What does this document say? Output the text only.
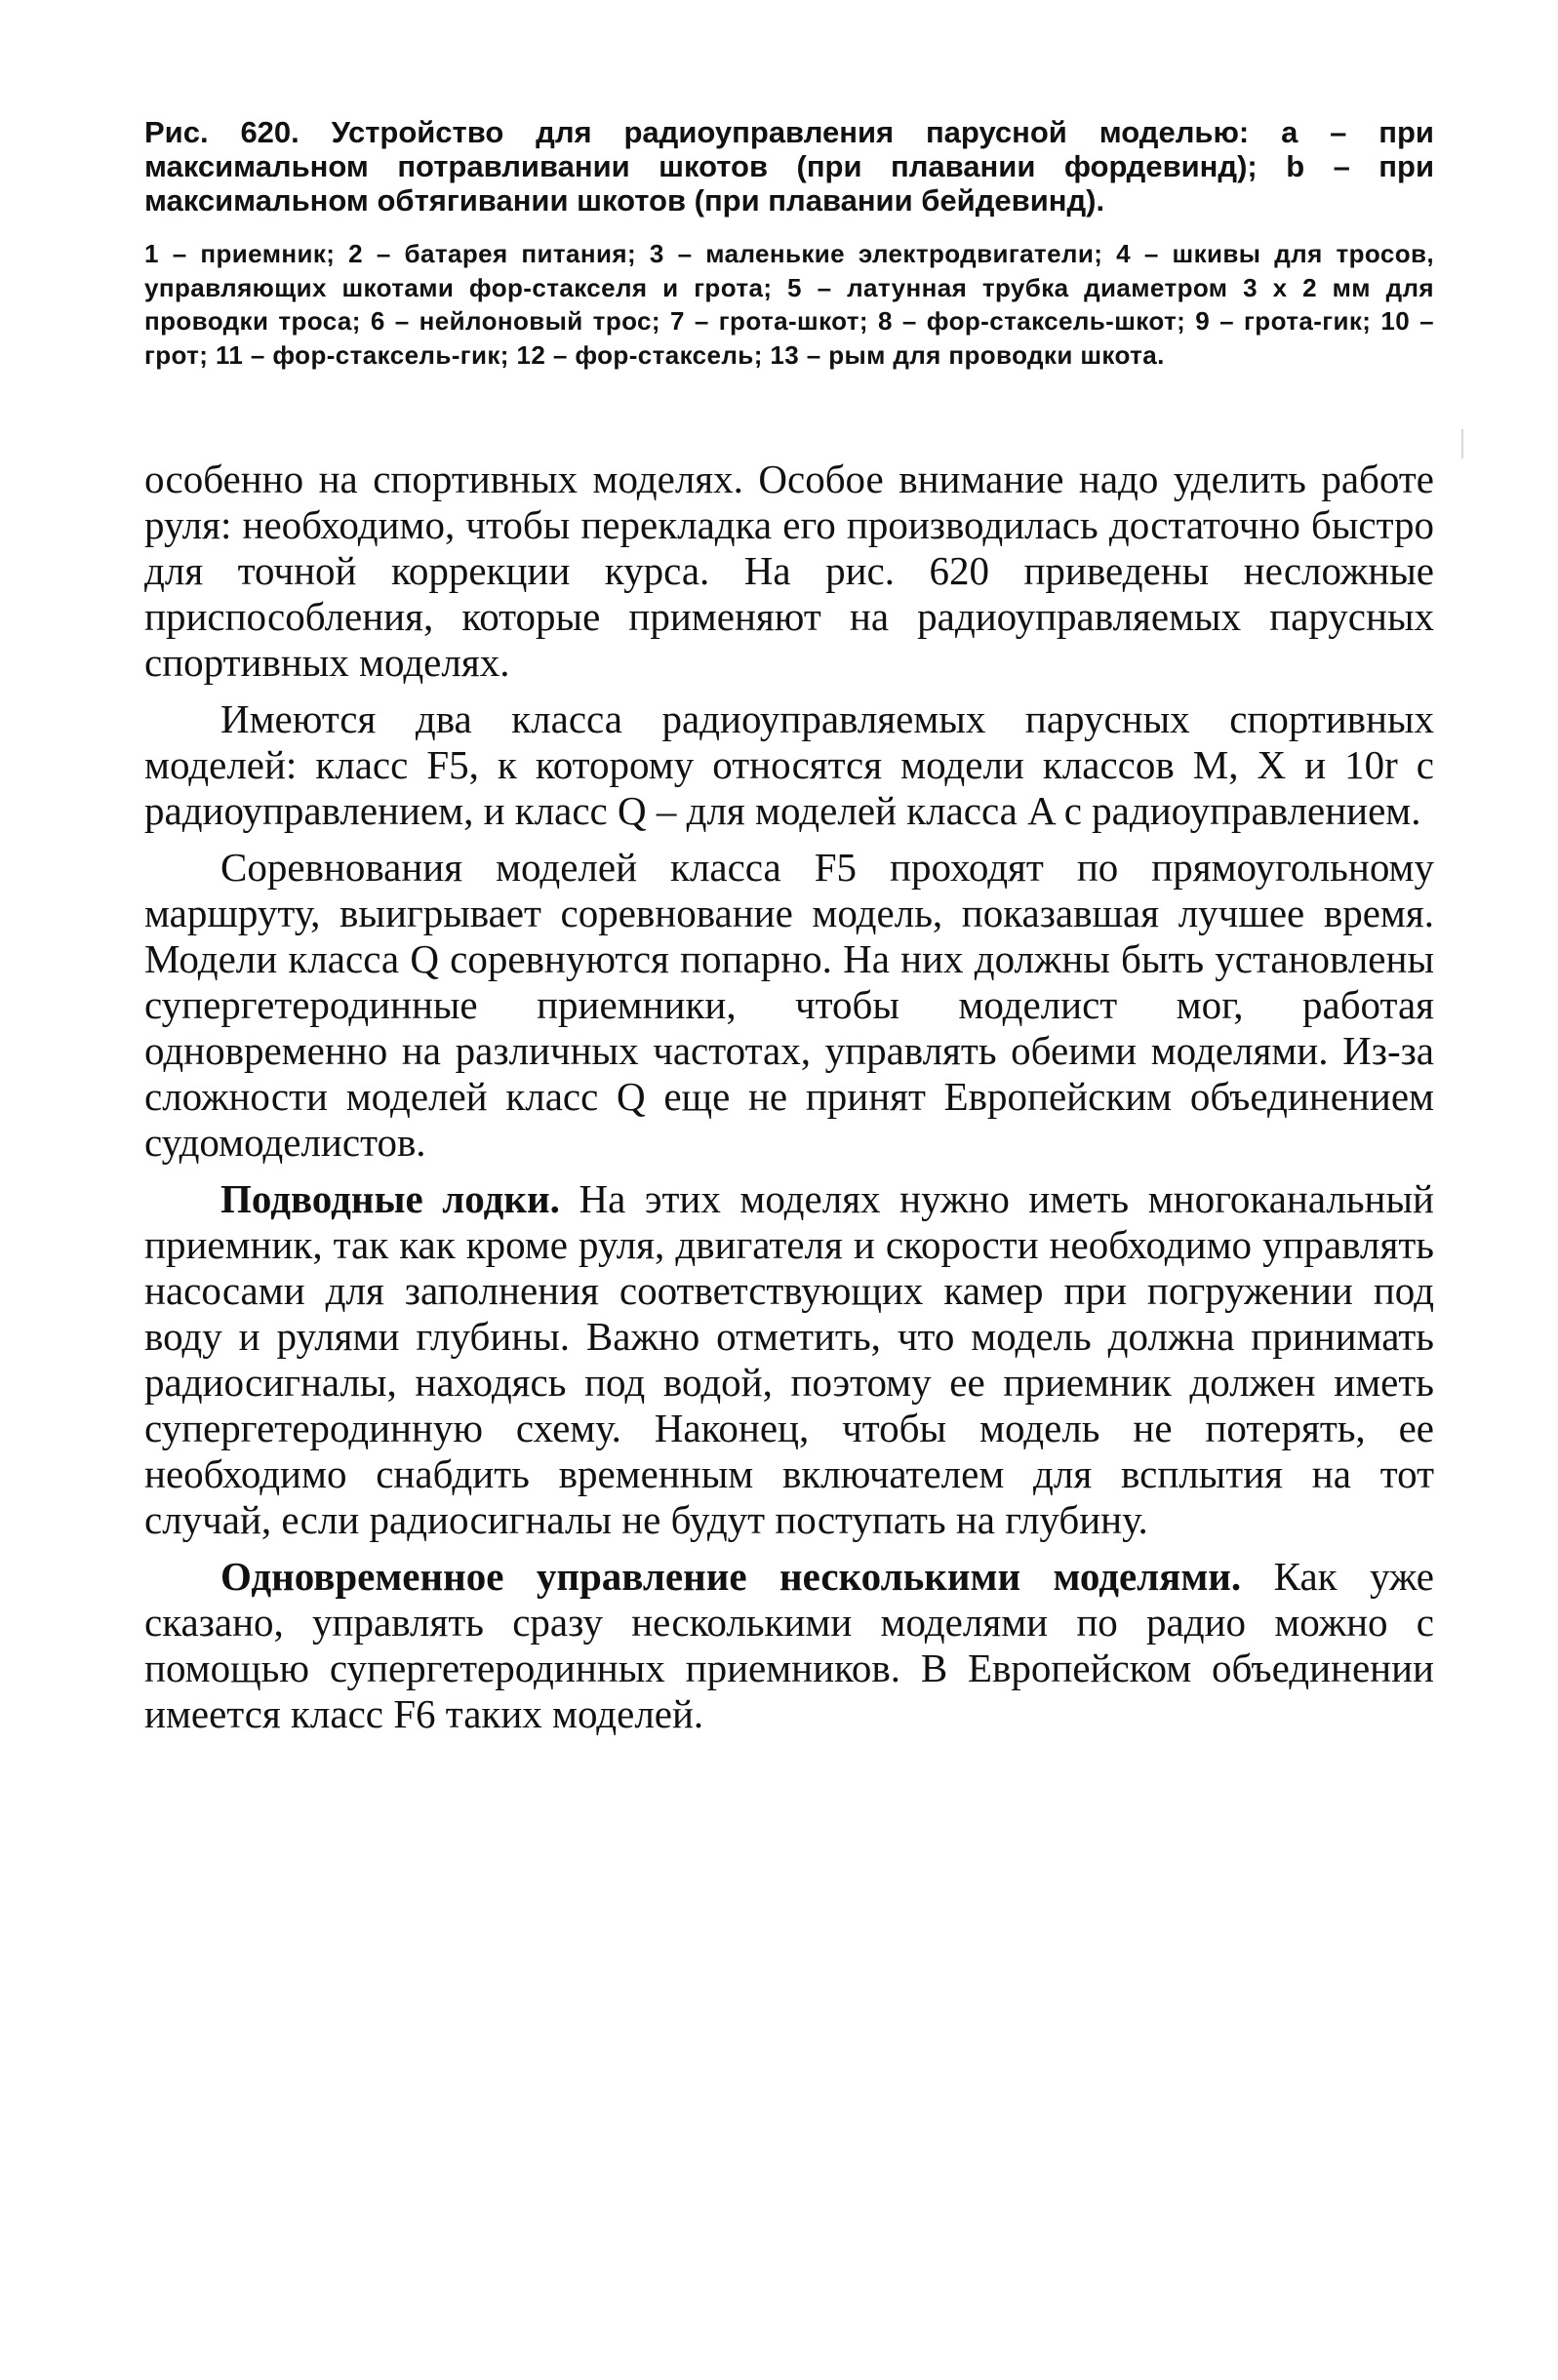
Рис. 620. Устройство для радиоуправления парусной моделью: a – при максимальном потравливании шкотов (при плавании фордевинд); b – при максимальном обтягивании шкотов (при плавании бейдевинд).

1 – приемник; 2 – батарея питания; 3 – маленькие электродвигатели; 4 – шкивы для тросов, управляющих шкотами фор-стакселя и грота; 5 – латунная трубка диаметром 3 x 2 мм для проводки троса; 6 – нейлоновый трос; 7 – грота-шкот; 8 – фор-стаксель-шкот; 9 – грота-гик; 10 – грот; 11 – фор-стаксель-гик; 12 – фор-стаксель; 13 – рым для проводки шкота.

особенно на спортивных моделях. Особое внимание надо уделить работе руля: необходимо, чтобы перекладка его производилась достаточно быстро для точной коррекции курса. На рис. 620 приведены несложные приспособления, которые применяют на радиоуправляемых парусных спортивных моделях.

Имеются два класса радиоуправляемых парусных спортивных моделей: класс F5, к которому относятся модели классов M, X и 10r с радиоуправлением, и класс Q – для моделей класса A с радиоуправлением.

Соревнования моделей класса F5 проходят по прямоугольному маршруту, выигрывает соревнование модель, показавшая лучшее время. Модели класса Q соревнуются попарно. На них должны быть установлены супергетеродинные приемники, чтобы моделист мог, работая одновременно на различных частотах, управлять обеими моделями. Из-за сложности моделей класс Q еще не принят Европейским объединением судомоделистов.

Подводные лодки. На этих моделях нужно иметь многоканальный приемник, так как кроме руля, двигателя и скорости необходимо управлять насосами для заполнения соответствующих камер при погружении под воду и рулями глубины. Важно отметить, что модель должна принимать радиосигналы, находясь под водой, поэтому ее приемник должен иметь супергетеродинную схему. Наконец, чтобы модель не потерять, ее необходимо снабдить временным включателем для всплытия на тот случай, если радиосигналы не будут поступать на глубину.

Одновременное управление несколькими моделями. Как уже сказано, управлять сразу несколькими моделями по радио можно с помощью супергетеродинных приемников. В Европейском объединении имеется класс F6 таких моделей.
